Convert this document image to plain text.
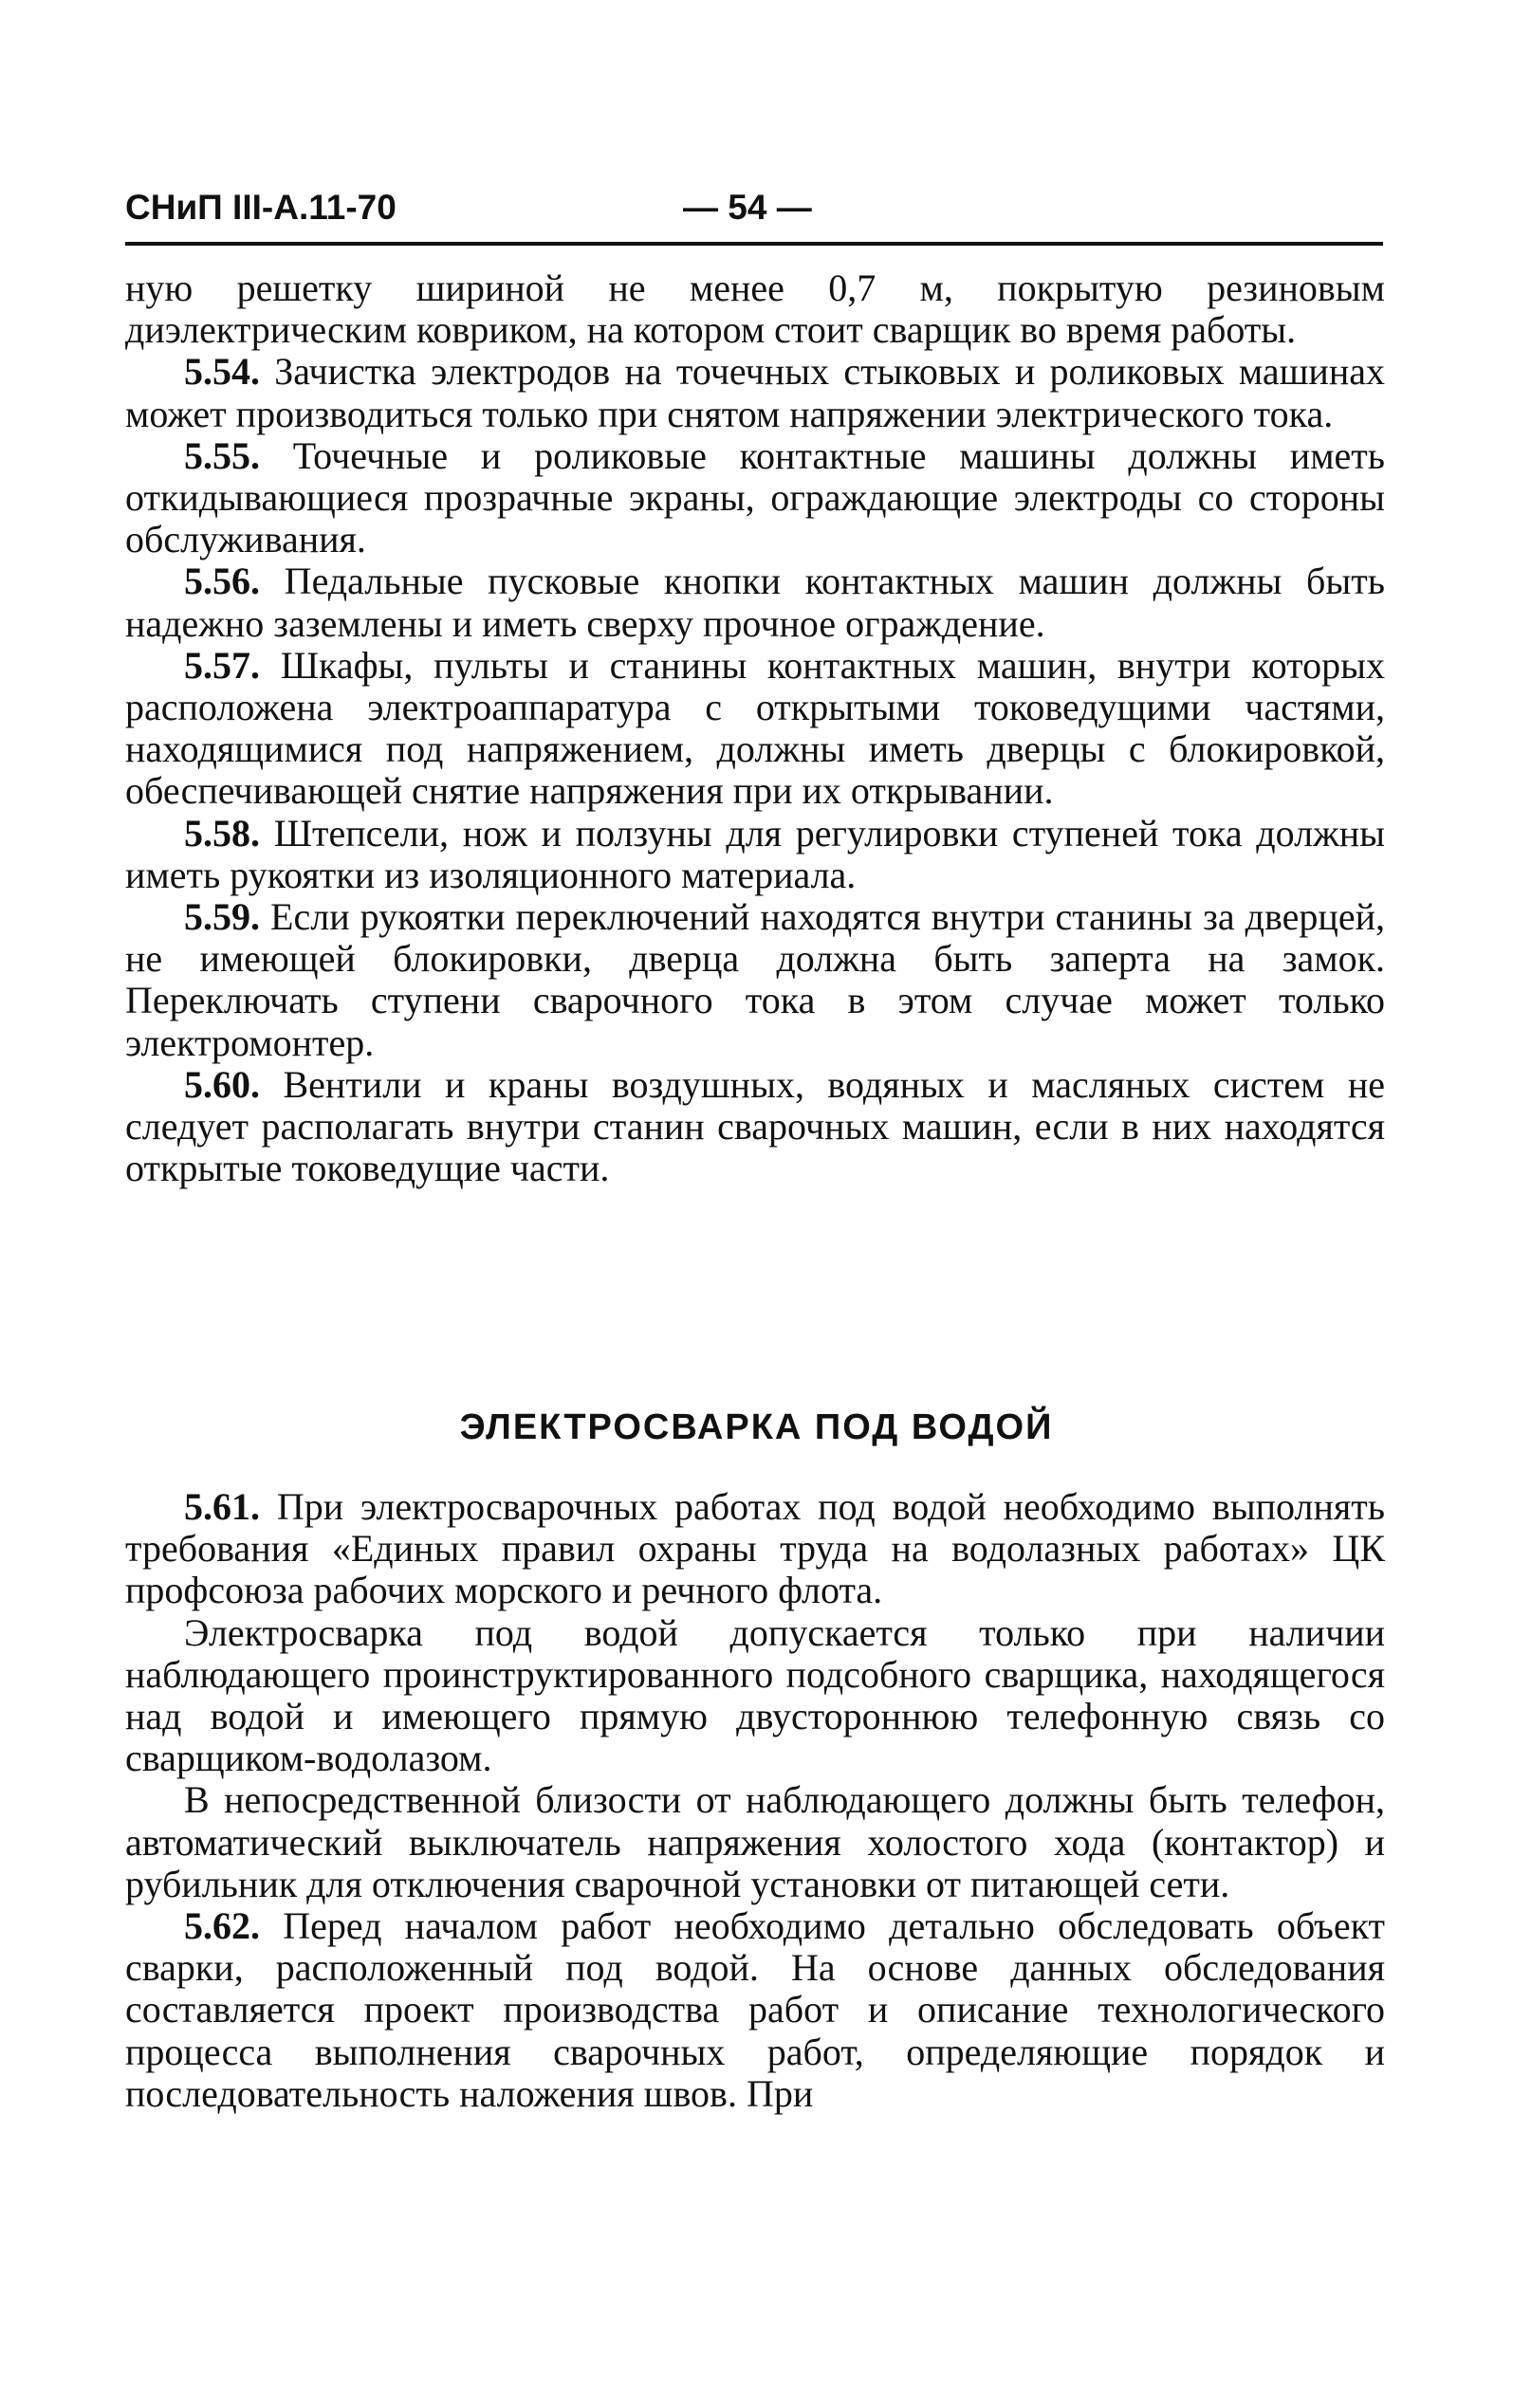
СНиП III-А.11-70	— 54 —

ную решетку шириной не менее 0,7 м, покрытую резиновым диэлектрическим ковриком, на котором стоит сварщик во время работы.

5.54. Зачистка электродов на точечных стыковых и роликовых машинах может производиться только при снятом напряжении электрического тока.

5.55. Точечные и роликовые контактные машины должны иметь откидывающиеся прозрачные экраны, ограждающие электроды со стороны обслуживания.

5.56. Педальные пусковые кнопки контактных машин должны быть надежно заземлены и иметь сверху прочное ограждение.

5.57. Шкафы, пульты и станины контактных машин, внутри которых расположена электроаппаратура с открытыми токоведущими частями, находящимися под напряжением, должны иметь дверцы с блокировкой, обеспечивающей снятие напряжения при их открывании.

5.58. Штепсели, нож и ползуны для регулировки ступеней тока должны иметь рукоятки из изоляционного материала.

5.59. Если рукоятки переключений находятся внутри станины за дверцей, не имеющей блокировки, дверца должна быть заперта на замок. Переключать ступени сварочного тока в этом случае может только электромонтер.

5.60. Вентили и краны воздушных, водяных и масляных систем не следует располагать внутри станин сварочных машин, если в них находятся открытые токоведущие части.

ЭЛЕКТРОСВАРКА ПОД ВОДОЙ

5.61. При электросварочных работах под водой необходимо выполнять требования «Единых правил охраны труда на водолазных работах» ЦК профсоюза рабочих морского и речного флота.

Электросварка под водой допускается только при наличии наблюдающего проинструктированного подсобного сварщика, находящегося над водой и имеющего прямую двустороннюю телефонную связь со сварщиком-водолазом.

В непосредственной близости от наблюдающего должны быть телефон, автоматический выключатель напряжения холостого хода (контактор) и рубильник для отключения сварочной установки от питающей сети.

5.62. Перед началом работ необходимо детально обследовать объект сварки, расположенный под водой. На основе данных обследования составляется проект производства работ и описание технологического процесса выполнения сварочных работ, определяющие порядок и последовательность наложения швов. При
